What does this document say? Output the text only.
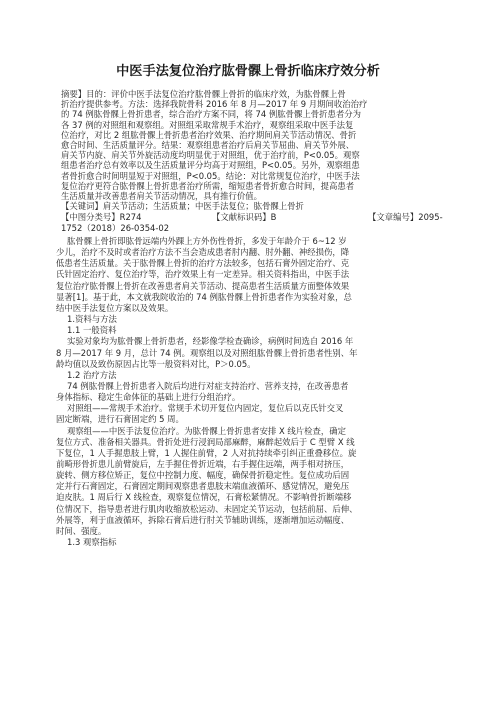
中医手法复位治疗肱骨髁上骨折临床疗效分析
摘要】目的：评价中医手法复位治疗肱骨髁上骨折的临床疗效，为肱骨髁上骨
折治疗提供参考。方法：选择我院骨科 2016 年 8 月—2017 年 9 月期间收治治疗
的 74 例肱骨髁上骨折患者，综合治疗方案不同，将 74 例肱骨髁上骨折患者分为
各 37 例的对照组和观察组。对照组采取常规手术治疗，观察组采取中医手法复
位治疗，对比 2 组肱骨髁上骨折患者治疗效果、治疗期间肩关节活动情况、骨折
愈合时间、生活质量评分。结果：观察组患者治疗后肩关节屈曲、肩关节外展、
肩关节内旋、肩关节外旋活动度均明显优于对照组，优于治疗前，P<0.05。观察
组患者治疗总有效率以及生活质量评分均高于对照组，P<0.05。另外，观察组患
者骨折愈合时间明显短于对照组，P<0.05。结论：对比常规复位治疗，中医手法
复位治疗更符合肱骨髁上骨折患者治疗所需，缩短患者骨折愈合时间，提高患者
生活质量并改善患者肩关节活动情况，具有推行价值。
【关键词】肩关节活动；生活质量；中医手法复位；肱骨髁上骨折
【中图分类号】R274	【文献标识码】B	【文章编号】2095-
1752（2018）26-0354-02
肱骨髁上骨折即肱骨远端内外踝上方外伤性骨折，多发于年龄介于 6~12 岁
少儿，治疗不及时或者治疗方法不当会造成患者肘内翻、肘外翻、神经损伤，降
低患者生活质量。关于肱骨髁上骨折的治疗方法较多，包括石膏外固定治疗、克
氏针固定治疗、复位治疗等，治疗效果上有一定差异。相关资料指出，中医手法
复位治疗肱骨髁上骨折在改善患者肩关节活动、提高患者生活质量方面整体效果
显著[1]。基于此，本文就我院收治的 74 例肱骨髁上骨折患者作为实验对象，总
结中医手法复位方案以及效果。
1.资料与方法
1.1 一般资料
实验对象均为肱骨髁上骨折患者，经影像学检查确诊，病例时间选自 2016 年
8 月—2017 年 9 月，总计 74 例。观察组以及对照组肱骨髁上骨折患者性别、年
龄均值以及致伤原因占比等一般资料对比，P＞0.05。
1.2 治疗方法
74 例肱骨髁上骨折患者入院后均进行对症支持治疗、营养支持，在改善患者
身体指标、稳定生命体征的基础上进行分组治疗。
对照组——常规手术治疗。常规手术切开复位内固定，复位后以克氏针交叉
固定断端，进行石膏固定约 5 周。
观察组——中医手法复位治疗。为肱骨髁上骨折患者安排 X 线片检查，确定
复位方式、准备相关器具。骨折处进行浸润局部麻醉，麻醉起效后于 C 型臂 X 线
下复位，1 人手握患肢上臂，1 人握住前臂，2 人对抗持续牵引纠正重叠移位。旋
前畸形骨折患儿前臂旋后，左手握住骨折近端，右手握住远端，两手相对挤压，
旋转、侧方移位矫正，复位中控制力度、幅度，确保骨折稳定性。复位成功后固
定并行石膏固定，石膏固定期间观察患者患肢末端血液循环、感觉情况，避免压
迫皮肤。1 周后行 X 线检查，观察复位情况，石膏松紧情况。不影响骨折断端移
位情况下，指导患者进行肌肉收缩放松运动、未固定关节运动，包括前屈、后伸、
外展等，利于血液循环，拆除石膏后进行肘关节辅助训练，逐渐增加运动幅度、
时间、强度。
1.3 观察指标
